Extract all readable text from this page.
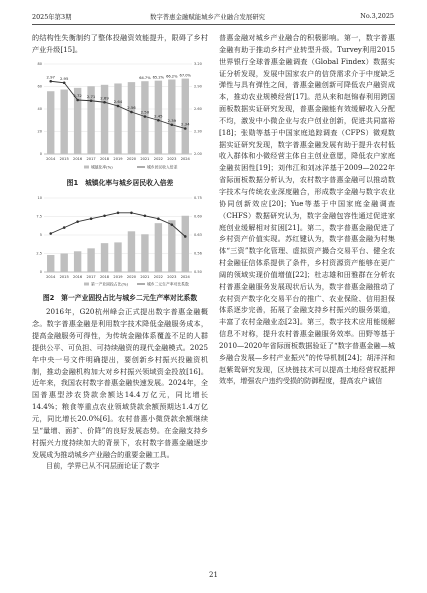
2025年第3期	数字普惠金融赋能城乡产业融合发展研究	No.3,2025

的结构性失衡制约了整体投融资效能提升，限碍了乡村产业升级[15]。

2014 2015 2016 2017 2018 2019 2020 2021 2022 2023 2024
0	2.00
20	2.30
40	2.60
60	2.90
80	3.20
2.97 2.95
2.72 2.71 2.69
2.64
2.56
2.50
2.45
2.39
2.34
64.7% 65.2% 66.2% 67.0%
城镇化率(%)	城乡居民收入倍差
图1　城镇化率与城乡居民收入倍差
2014 2015 2016 2017 2018 2019 2020 2021 2022 2023 2024
0	0.50
2.5	0.56
5	0.63
7.5	0.69
10	0.75
第一产业固投占比(%)	城乡二元生产率对比系数
图2　第一产业固投占比与城乡二元生产率对比系数

2016年，G20杭州峰会正式提出数字普惠金融概念。数字普惠金融是利用数字技术降低金融服务成本，提高金融服务可得性，为传统金融体系覆盖不足的人群提供公平、可负担、可持续融资的现代金融模式。2025年中央一号文件明确提出，要创新乡村振兴投融资机制，推动金融机构加大对乡村振兴领域资金投放[16]。近年来，我国农村数字普惠金融快速发展。2024年，全国普惠型涉农贷款余额达14.4万亿元，同比增长14.4%；粮食等重点农业领域贷款余额预期达1.4万亿元，同比增长20.0%[6]。农村普惠小微贷款余额继续呈“量增、面扩、价降”的良好发展态势。在金融支持乡村振兴力度持续加大的背景下，农村数字普惠金融逐步发展成为推动城乡产业融合的重要金融工具。

目前，学界已从不同层面论证了数字

普惠金融对城乡产业融合的积极影响。第一，数字普惠金融有助于推动乡村产业转型升级。Turvey利用2015世界银行全球普惠金融调查（Global Findex）数据实证分析发现，发展中国家农户的信贷需求介于中度缺乏弹性与具有弹性之间，普惠金融创新可降低农户融资成本，推动农业规模经营[17]。范从来和赵锦春利用跨国面板数据实证研究发现，普惠金融能有效缓解收入分配不均，激发中小微企业与农户创业创新，促进共同富裕[18]；张勋等基于中国家庭追踪调查（CFPS）微观数据实证研究发现，数字普惠金融发展有助于提升农村低收入群体和小微经营主体自主创业意愿，降低农户家庭金融贫困性[19]；刘伟江和刘冰洋基于2009—2022年省际面板数据分析认为，农村数字普惠金融可以推动数字技术与传统农业深度融合，形成数字金融与数字农业协同创新效应[20]；Yue等基于中国家庭金融调查（CHFS）数据研究认为，数字金融包容性通过促进家庭创业缓解相对贫困[21]。第二，数字普惠金融促进了乡村资产价值实现。苏红键认为，数字普惠金融为村集体“三资”数字化管理、虚拟资产撮合交易平台、健全农村金融征信体系提供了条件，乡村资源资产能够在更广阔的领域实现价值增值[22]；杜志雄和田雅群在分析农村普惠金融服务发展现状后认为，数字普惠金融推动了农村资产数字化交易平台的推广、农业保险、信用担保体系逐步完善，拓展了金融支持乡村振兴的服务渠道，丰富了农村金融业态[23]。第三，数字技术应用能缓解信息不对称，提升农村普惠金融服务效率。田野等基于2010—2020年省际面板数据验证了“数字普惠金融—城乡融合发展—乡村产业振兴”的传导机制[24]；胡洋洋和赵紫鸳研究发现，区块链技术可以提高土地经营权抵押效率，增强农户违约受损的防御程度，提高农户诚信

21
